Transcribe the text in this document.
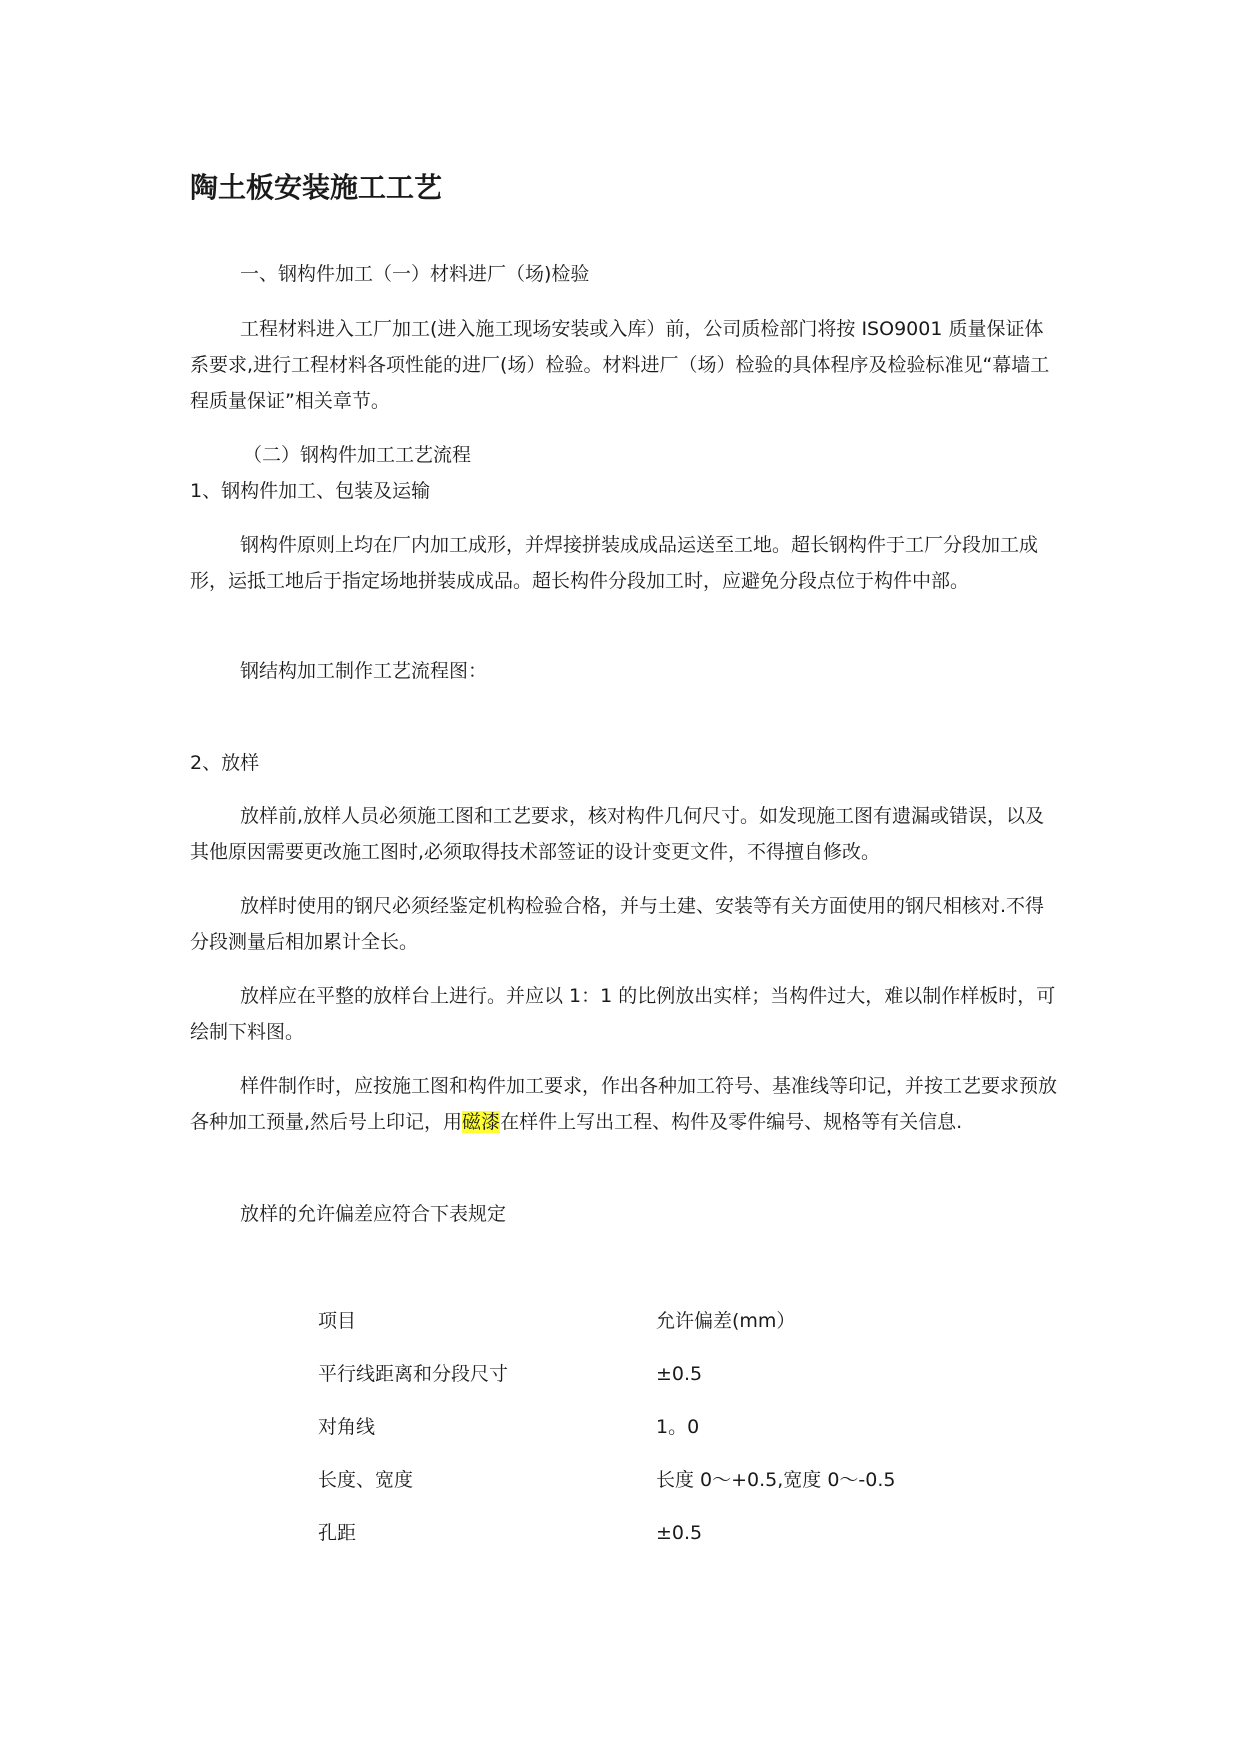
陶土板安装施工工艺

一、钢构件加工（一）材料进厂（场)检验

工程材料进入工厂加工(进入施工现场安装或入库）前，公司质检部门将按 ISO9001 质量保证体系要求,进行工程材料各项性能的进厂(场）检验。材料进厂（场）检验的具体程序及检验标准见“幕墙工程质量保证”相关章节。

（二）钢构件加工工艺流程

1、钢构件加工、包装及运输

钢构件原则上均在厂内加工成形，并焊接拼装成成品运送至工地。超长钢构件于工厂分段加工成形，运抵工地后于指定场地拼装成成品。超长构件分段加工时，应避免分段点位于构件中部。

钢结构加工制作工艺流程图：

2、放样

放样前,放样人员必须施工图和工艺要求，核对构件几何尺寸。如发现施工图有遗漏或错误，以及其他原因需要更改施工图时,必须取得技术部签证的设计变更文件，不得擅自修改。

放样时使用的钢尺必须经鉴定机构检验合格，并与土建、安装等有关方面使用的钢尺相核对.不得分段测量后相加累计全长。

放样应在平整的放样台上进行。并应以 1：1 的比例放出实样；当构件过大，难以制作样板时，可绘制下料图。

样件制作时，应按施工图和构件加工要求，作出各种加工符号、基准线等印记，并按工艺要求预放各种加工预量,然后号上印记，用磁漆在样件上写出工程、构件及零件编号、规格等有关信息.

放样的允许偏差应符合下表规定

项目	允许偏差(mm）
平行线距离和分段尺寸	±0.5
对角线	1。0
长度、宽度	长度 0～+0.5,宽度 0～-0.5
孔距	±0.5
